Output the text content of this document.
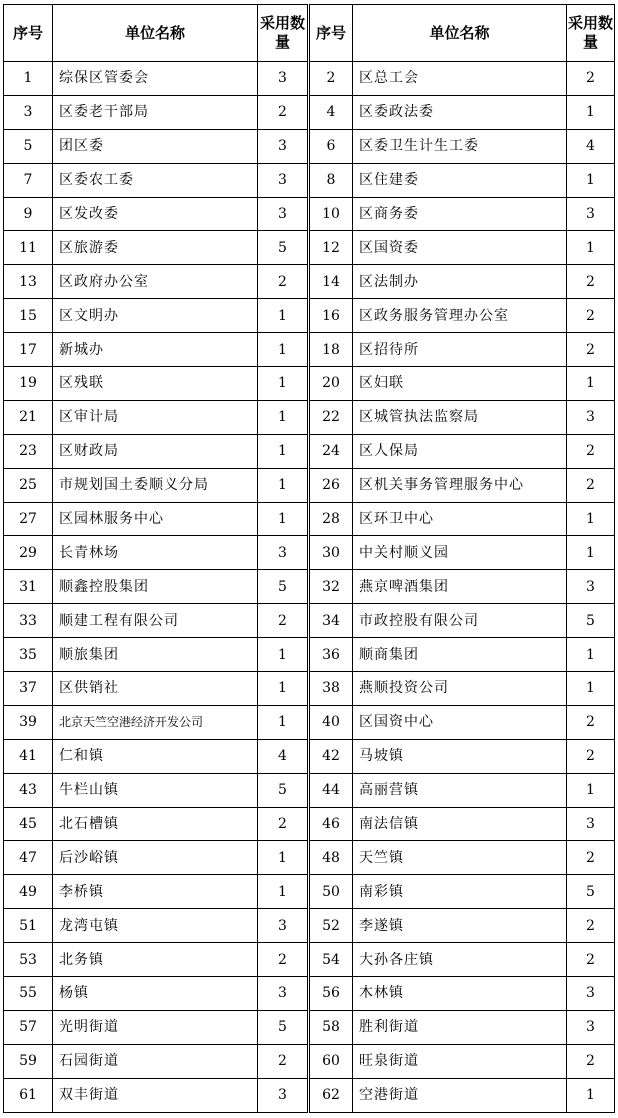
序号	单位名称	采用数量	序号	单位名称	采用数量
1	综保区管委会	3	2	区总工会	2
3	区委老干部局	2	4	区委政法委	1
5	团区委	3	6	区委卫生计生工委	4
7	区委农工委	3	8	区住建委	1
9	区发改委	3	10	区商务委	3
11	区旅游委	5	12	区国资委	1
13	区政府办公室	2	14	区法制办	2
15	区文明办	1	16	区政务服务管理办公室	2
17	新城办	1	18	区招待所	2
19	区残联	1	20	区妇联	1
21	区审计局	1	22	区城管执法监察局	3
23	区财政局	1	24	区人保局	2
25	市规划国土委顺义分局	1	26	区机关事务管理服务中心	2
27	区园林服务中心	1	28	区环卫中心	1
29	长青林场	3	30	中关村顺义园	1
31	顺鑫控股集团	5	32	燕京啤酒集团	3
33	顺建工程有限公司	2	34	市政控股有限公司	5
35	顺旅集团	1	36	顺商集团	1
37	区供销社	1	38	燕顺投资公司	1
39	北京天竺空港经济开发公司	1	40	区国资中心	2
41	仁和镇	4	42	马坡镇	2
43	牛栏山镇	5	44	高丽营镇	1
45	北石槽镇	2	46	南法信镇	3
47	后沙峪镇	1	48	天竺镇	2
49	李桥镇	1	50	南彩镇	5
51	龙湾屯镇	3	52	李遂镇	2
53	北务镇	2	54	大孙各庄镇	2
55	杨镇	3	56	木林镇	3
57	光明街道	5	58	胜利街道	3
59	石园街道	2	60	旺泉街道	2
61	双丰街道	3	62	空港街道	1
